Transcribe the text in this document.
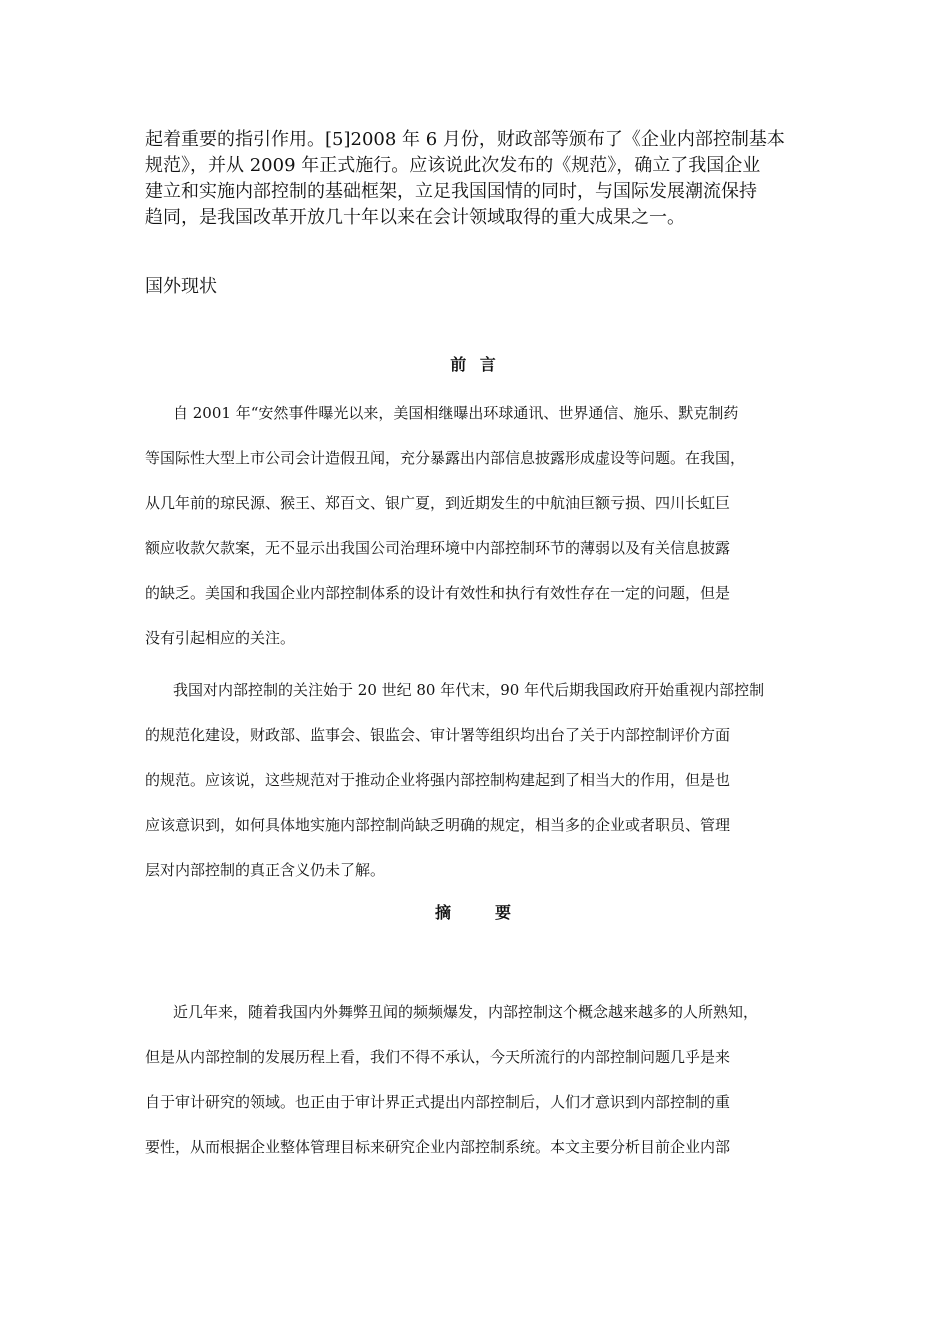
起着重要的指引作用。[5]2008 年 6 月份，财政部等颁布了《企业内部控制基本
规范》，并从 2009 年正式施行。应该说此次发布的《规范》，确立了我国企业
建立和实施内部控制的基础框架，立足我国国情的同时，与国际发展潮流保持
趋同，是我国改革开放几十年以来在会计领域取得的重大成果之一。
国外现状
前 言
自 2001 年“安然事件曝光以来，美国相继曝出环球通讯、世界通信、施乐、默克制药
等国际性大型上市公司会计造假丑闻，充分暴露出内部信息披露形成虚设等问题。在我国，
从几年前的琼民源、猴王、郑百文、银广夏，到近期发生的中航油巨额亏损、四川长虹巨
额应收款欠款案，无不显示出我国公司治理环境中内部控制环节的薄弱以及有关信息披露
的缺乏。美国和我国企业内部控制体系的设计有效性和执行有效性存在一定的问题，但是
没有引起相应的关注。
我国对内部控制的关注始于 20 世纪 80 年代末，90 年代后期我国政府开始重视内部控制
的规范化建设，财政部、监事会、银监会、审计署等组织均出台了关于内部控制评价方面
的规范。应该说，这些规范对于推动企业将强内部控制构建起到了相当大的作用，但是也
应该意识到，如何具体地实施内部控制尚缺乏明确的规定，相当多的企业或者职员、管理
层对内部控制的真正含义仍未了解。
摘　　要
近几年来，随着我国内外舞弊丑闻的频频爆发，内部控制这个概念越来越多的人所熟知，
但是从内部控制的发展历程上看，我们不得不承认，今天所流行的内部控制问题几乎是来
自于审计研究的领域。也正由于审计界正式提出内部控制后，人们才意识到内部控制的重
要性，从而根据企业整体管理目标来研究企业内部控制系统。本文主要分析目前企业内部
